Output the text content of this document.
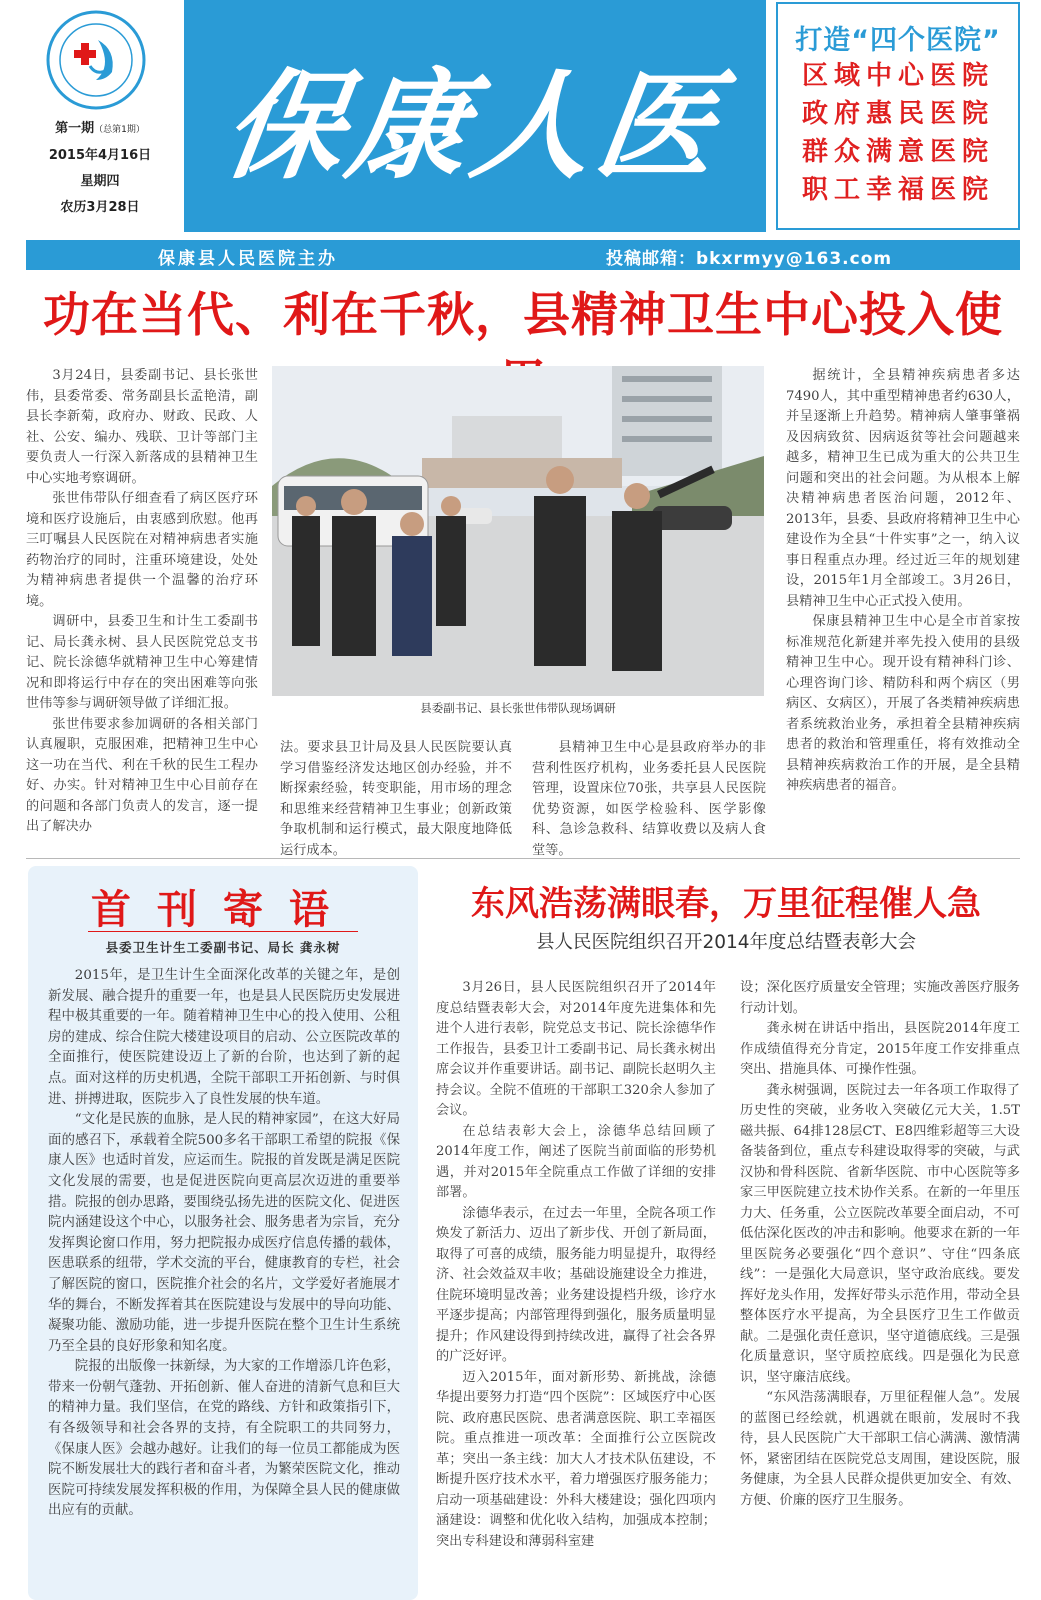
第一期（总第1期）
2015年4月16日
星期四
农历3月28日
保康人医
打造“四个医院”
区域中心医院
政府惠民医院
群众满意医院
职工幸福医院
保康县人民医院主办	投稿邮箱：bkxrmyy@163.com
功在当代、利在千秋，县精神卫生中心投入使

3月24日，县委副书记、县长张世伟，县委常委、常务副县长孟艳清，副县长李新菊，政府办、财政、民政、人社、公安、编办、残联、卫计等部门主要负责人一行深入新落成的县精神卫生中心实地考察调研。

张世伟带队仔细查看了病区医疗环境和医疗设施后，由衷感到欣慰。他再三叮嘱县人民医院在对精神病患者实施药物治疗的同时，注重环境建设，处处为精神病患者提供一个温馨的治疗环境。

调研中，县委卫生和计生工委副书记、局长龚永树、县人民医院党总支书记、院长涂德华就精神卫生中心筹建情况和即将运行中存在的突出困难等向张世伟等参与调研领导做了详细汇报。

张世伟要求参加调研的各相关部门认真履职，克服困难，把精神卫生中心这一功在当代、利在千秋的民生工程办好、办实。针对精神卫生中心目前存在的问题和各部门负责人的发言，逐一提出了解决办

县委副书记、县长张世伟带队现场调研

法。要求县卫计局及县人民医院要认真学习借鉴经济发达地区创办经验，并不断探索经验，转变职能，用市场的理念和思维来经营精神卫生事业；创新政策争取机制和运行模式，最大限度地降低运行成本。

县精神卫生中心是县政府举办的非营利性医疗机构，业务委托县人民医院管理，设置床位70张，共享县人民医院优势资源，如医学检验科、医学影像科、急诊急救科、结算收费以及病人食堂等。

据统计，全县精神疾病患者多达7490人，其中重型精神患者约630人，并呈逐渐上升趋势。精神病人肇事肇祸及因病致贫、因病返贫等社会问题越来越多，精神卫生已成为重大的公共卫生问题和突出的社会问题。为从根本上解决精神病患者医治问题，2012年、2013年，县委、县政府将精神卫生中心建设作为全县“十件实事”之一，纳入议事日程重点办理。经过近三年的规划建设，2015年1月全部竣工。3月26日，县精神卫生中心正式投入使用。

保康县精神卫生中心是全市首家按标准规范化新建并率先投入使用的县级精神卫生中心。现开设有精神科门诊、心理咨询门诊、精防科和两个病区（男病区、女病区），开展了各类精神疾病患者系统救治业务，承担着全县精神疾病患者的救治和管理重任，将有效推动全县精神疾病救治工作的开展，是全县精神疾病患者的福音。

首刊寄语
县委卫生计生工委副书记、局长 龚永树

2015年，是卫生计生全面深化改革的关键之年，是创新发展、融合提升的重要一年，也是县人民医院历史发展进程中极其重要的一年。随着精神卫生中心的投入使用、公租房的建成、综合住院大楼建设项目的启动、公立医院改革的全面推行，使医院建设迈上了新的台阶，也达到了新的起点。面对这样的历史机遇，全院干部职工开拓创新、与时俱进、拼搏进取，医院步入了良性发展的快车道。

“文化是民族的血脉，是人民的精神家园”，在这大好局面的感召下，承载着全院500多名干部职工希望的院报《保康人医》也适时首发，应运而生。院报的首发既是满足医院文化发展的需要，也是促进医院向更高层次迈进的重要举措。院报的创办思路，要围绕弘扬先进的医院文化、促进医院内涵建设这个中心，以服务社会、服务患者为宗旨，充分发挥舆论窗口作用，努力把院报办成医疗信息传播的载体，医患联系的纽带，学术交流的平台，健康教育的专栏，社会了解医院的窗口，医院推介社会的名片，文学爱好者施展才华的舞台，不断发挥着其在医院建设与发展中的导向功能、凝聚功能、激励功能，进一步提升医院在整个卫生计生系统乃至全县的良好形象和知名度。

院报的出版像一抹新绿，为大家的工作增添几许色彩，带来一份朝气蓬勃、开拓创新、催人奋进的清新气息和巨大的精神力量。我们坚信，在党的路线、方针和政策指引下，有各级领导和社会各界的支持，有全院职工的共同努力，《保康人医》会越办越好。让我们的每一位员工都能成为医院不断发展壮大的践行者和奋斗者，为繁荣医院文化，推动医院可持续发展发挥积极的作用，为保障全县人民的健康做出应有的贡献。

东风浩荡满眼春，万里征程催人急
县人民医院组织召开2014年度总结暨表彰大会

3月26日，县人民医院组织召开了2014年度总结暨表彰大会，对2014年度先进集体和先进个人进行表彰，院党总支书记、院长涂德华作工作报告，县委卫计工委副书记、局长龚永树出席会议并作重要讲话。副书记、副院长赵明久主持会议。全院不值班的干部职工320余人参加了会议。

在总结表彰大会上，涂德华总结回顾了2014年度工作，阐述了医院当前面临的形势机遇，并对2015年全院重点工作做了详细的安排部署。

涂德华表示，在过去一年里，全院各项工作焕发了新活力、迈出了新步伐、开创了新局面，取得了可喜的成绩，服务能力明显提升，取得经济、社会效益双丰收；基础设施建设全力推进，住院环境明显改善；业务建设提档升级，诊疗水平逐步提高；内部管理得到强化，服务质量明显提升；作风建设得到持续改进，赢得了社会各界的广泛好评。

迈入2015年，面对新形势、新挑战，涂德华提出要努力打造“四个医院”：区域医疗中心医院、政府惠民医院、患者满意医院、职工幸福医院。重点推进一项改革：全面推行公立医院改革；突出一条主线：加大人才技术队伍建设，不断提升医疗技术水平，着力增强医疗服务能力；启动一项基础建设：外科大楼建设；强化四项内涵建设：调整和优化收入结构，加强成本控制；突出专科建设和薄弱科室建

设；深化医疗质量安全管理；实施改善医疗服务行动计划。

龚永树在讲话中指出，县医院2014年度工作成绩值得充分肯定，2015年度工作安排重点突出、措施具体、可操作性强。

龚永树强调，医院过去一年各项工作取得了历史性的突破，业务收入突破亿元大关，1.5T磁共振、64排128层CT、E8四维彩超等三大设备装备到位，重点专科建设取得零的突破，与武汉协和骨科医院、省新华医院、市中心医院等多家三甲医院建立技术协作关系。在新的一年里压力大、任务重，公立医院改革要全面启动，不可低估深化医改的冲击和影响。他要求在新的一年里医院务必要强化“四个意识”、守住“四条底线”：一是强化大局意识，坚守政治底线。要发挥好龙头作用，发挥好带头示范作用，带动全县整体医疗水平提高，为全县医疗卫生工作做贡献。二是强化责任意识，坚守道德底线。三是强化质量意识，坚守质控底线。四是强化为民意识，坚守廉洁底线。

“东风浩荡满眼春，万里征程催人急”。发展的蓝图已经绘就，机遇就在眼前，发展时不我待，县人民医院广大干部职工信心满满、激情满怀，紧密团结在医院党总支周围，建设医院，服务健康，为全县人民群众提供更加安全、有效、方便、价廉的医疗卫生服务。
